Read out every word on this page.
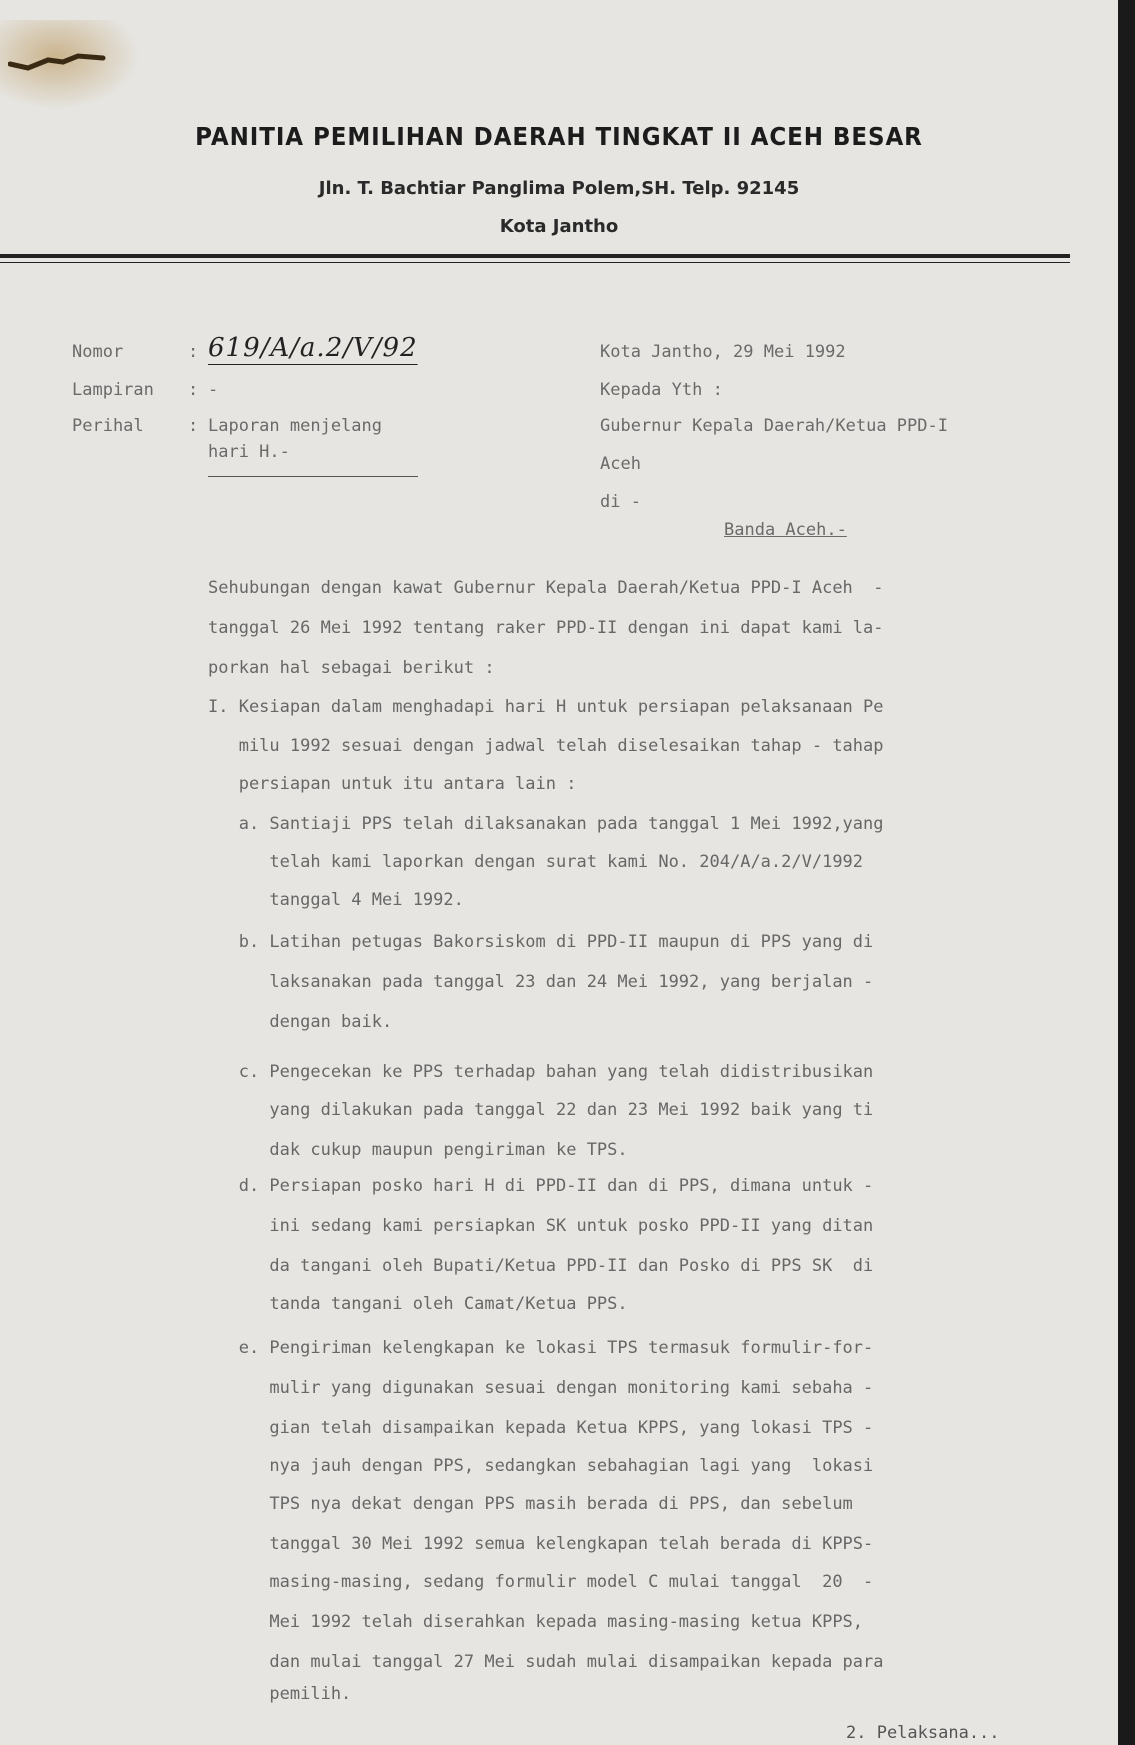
PANITIA PEMILIHAN DAERAH TINGKAT II ACEH BESAR
Jln. T. Bachtiar Panglima Polem,SH. Telp. 92145
Kota Jantho
Nomor	: 619/A/a.2/V/92
Lampiran	: -
Perihal	: Laporan menjelang
hari H.-
Kota Jantho, 29 Mei 1992
Kepada Yth :
Gubernur Kepala Daerah/Ketua PPD-I
Aceh
di -
Banda Aceh.-
Sehubungan dengan kawat Gubernur Kepala Daerah/Ketua PPD-I Aceh  -
tanggal 26 Mei 1992 tentang raker PPD-II dengan ini dapat kami la-
porkan hal sebagai berikut :
I. Kesiapan dalam menghadapi hari H untuk persiapan pelaksanaan Pe
milu 1992 sesuai dengan jadwal telah diselesaikan tahap - tahap
persiapan untuk itu antara lain :
a. Santiaji PPS telah dilaksanakan pada tanggal 1 Mei 1992,yang
telah kami laporkan dengan surat kami No. 204/A/a.2/V/1992
tanggal 4 Mei 1992.
b. Latihan petugas Bakorsiskom di PPD-II maupun di PPS yang di
laksanakan pada tanggal 23 dan 24 Mei 1992, yang berjalan -
dengan baik.
c. Pengecekan ke PPS terhadap bahan yang telah didistribusikan
yang dilakukan pada tanggal 22 dan 23 Mei 1992 baik yang ti
dak cukup maupun pengiriman ke TPS.
d. Persiapan posko hari H di PPD-II dan di PPS, dimana untuk -
ini sedang kami persiapkan SK untuk posko PPD-II yang ditan
da tangani oleh Bupati/Ketua PPD-II dan Posko di PPS SK  di
tanda tangani oleh Camat/Ketua PPS.
e. Pengiriman kelengkapan ke lokasi TPS termasuk formulir-for-
mulir yang digunakan sesuai dengan monitoring kami sebaha -
gian telah disampaikan kepada Ketua KPPS, yang lokasi TPS -
nya jauh dengan PPS, sedangkan sebahagian lagi yang  lokasi
TPS nya dekat dengan PPS masih berada di PPS, dan sebelum
tanggal 30 Mei 1992 semua kelengkapan telah berada di KPPS-
masing-masing, sedang formulir model C mulai tanggal  20  -
Mei 1992 telah diserahkan kepada masing-masing ketua KPPS,
dan mulai tanggal 27 Mei sudah mulai disampaikan kepada para
pemilih.
2. Pelaksana...
